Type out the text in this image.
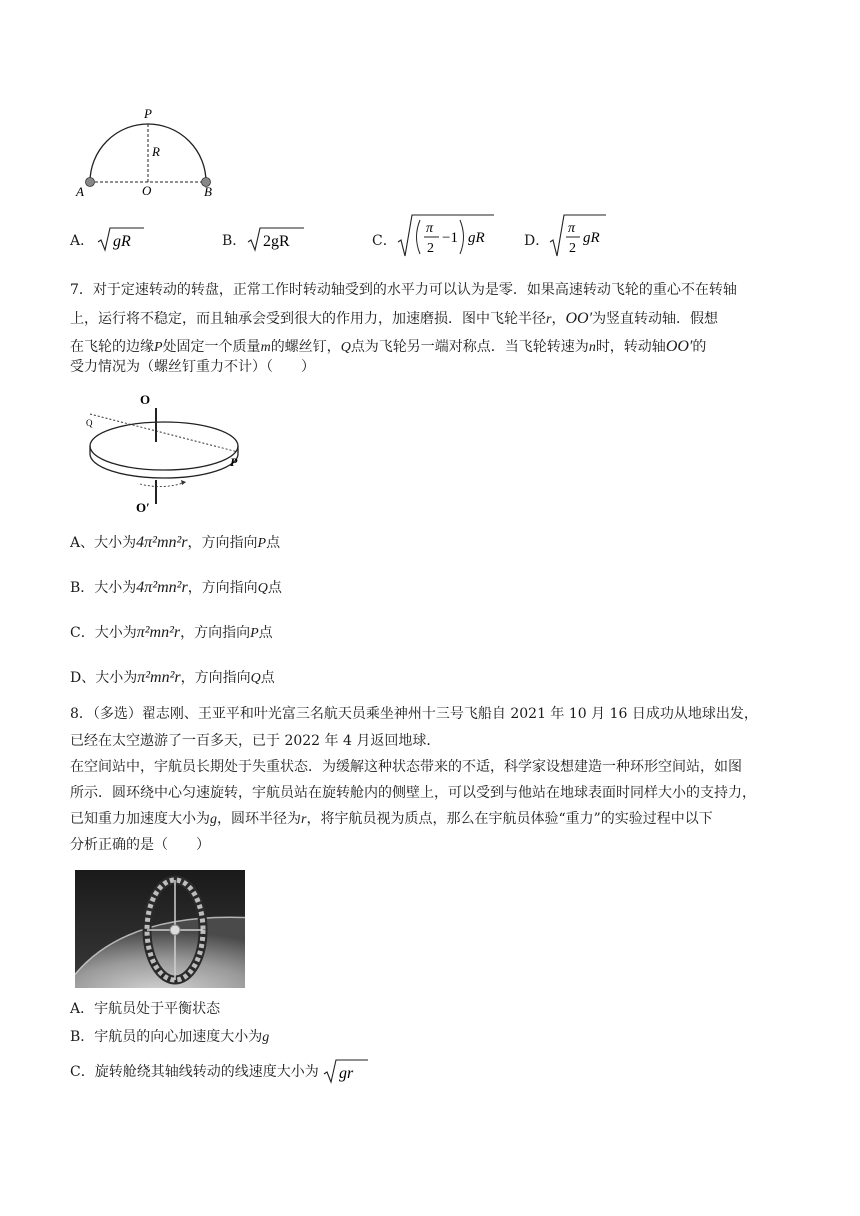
P
R
A	O	B
A． gR	B． 2gR	C．
π
2
−1 gR	D．
π
2
gR
7．对于定速转动的转盘，正常工作时转动轴受到的水平力可以认为是零．如果高速转动飞轮的重心不在转轴
上，运行将不稳定，而且轴承会受到很大的作用力，加速磨损．图中飞轮半径r，OO′为竖直转动轴．假想
在飞轮的边缘P处固定一个质量m的螺丝钉，Q点为飞轮另一端对称点．当飞轮转速为n时，转动轴OO′的
受力情况为（螺丝钉重力不计）（　　）
O
Q
P
O′
A、大小为4π²mn²r，方向指向P点
B．大小为4π²mn²r，方向指向Q点
C．大小为π²mn²r，方向指向P点
D、大小为π²mn²r，方向指向Q点
8．（多选）翟志刚、王亚平和叶光富三名航天员乘坐神州十三号飞船自 2021 年 10 月 16 日成功从地球出发，
已经在太空遨游了一百多天，已于 2022 年 4 月返回地球．
在空间站中，宇航员长期处于失重状态．为缓解这种状态带来的不适，科学家设想建造一种环形空间站，如图
所示．圆环绕中心匀速旋转，宇航员站在旋转舱内的侧壁上，可以受到与他站在地球表面时同样大小的支持力，
已知重力加速度大小为g，圆环半径为r，将宇航员视为质点，那么在宇航员体验“重力”的实验过程中以下
分析正确的是（　　）
A．宇航员处于平衡状态
B．宇航员的向心加速度大小为g
C．旋转舱绕其轴线转动的线速度大小为 gr
